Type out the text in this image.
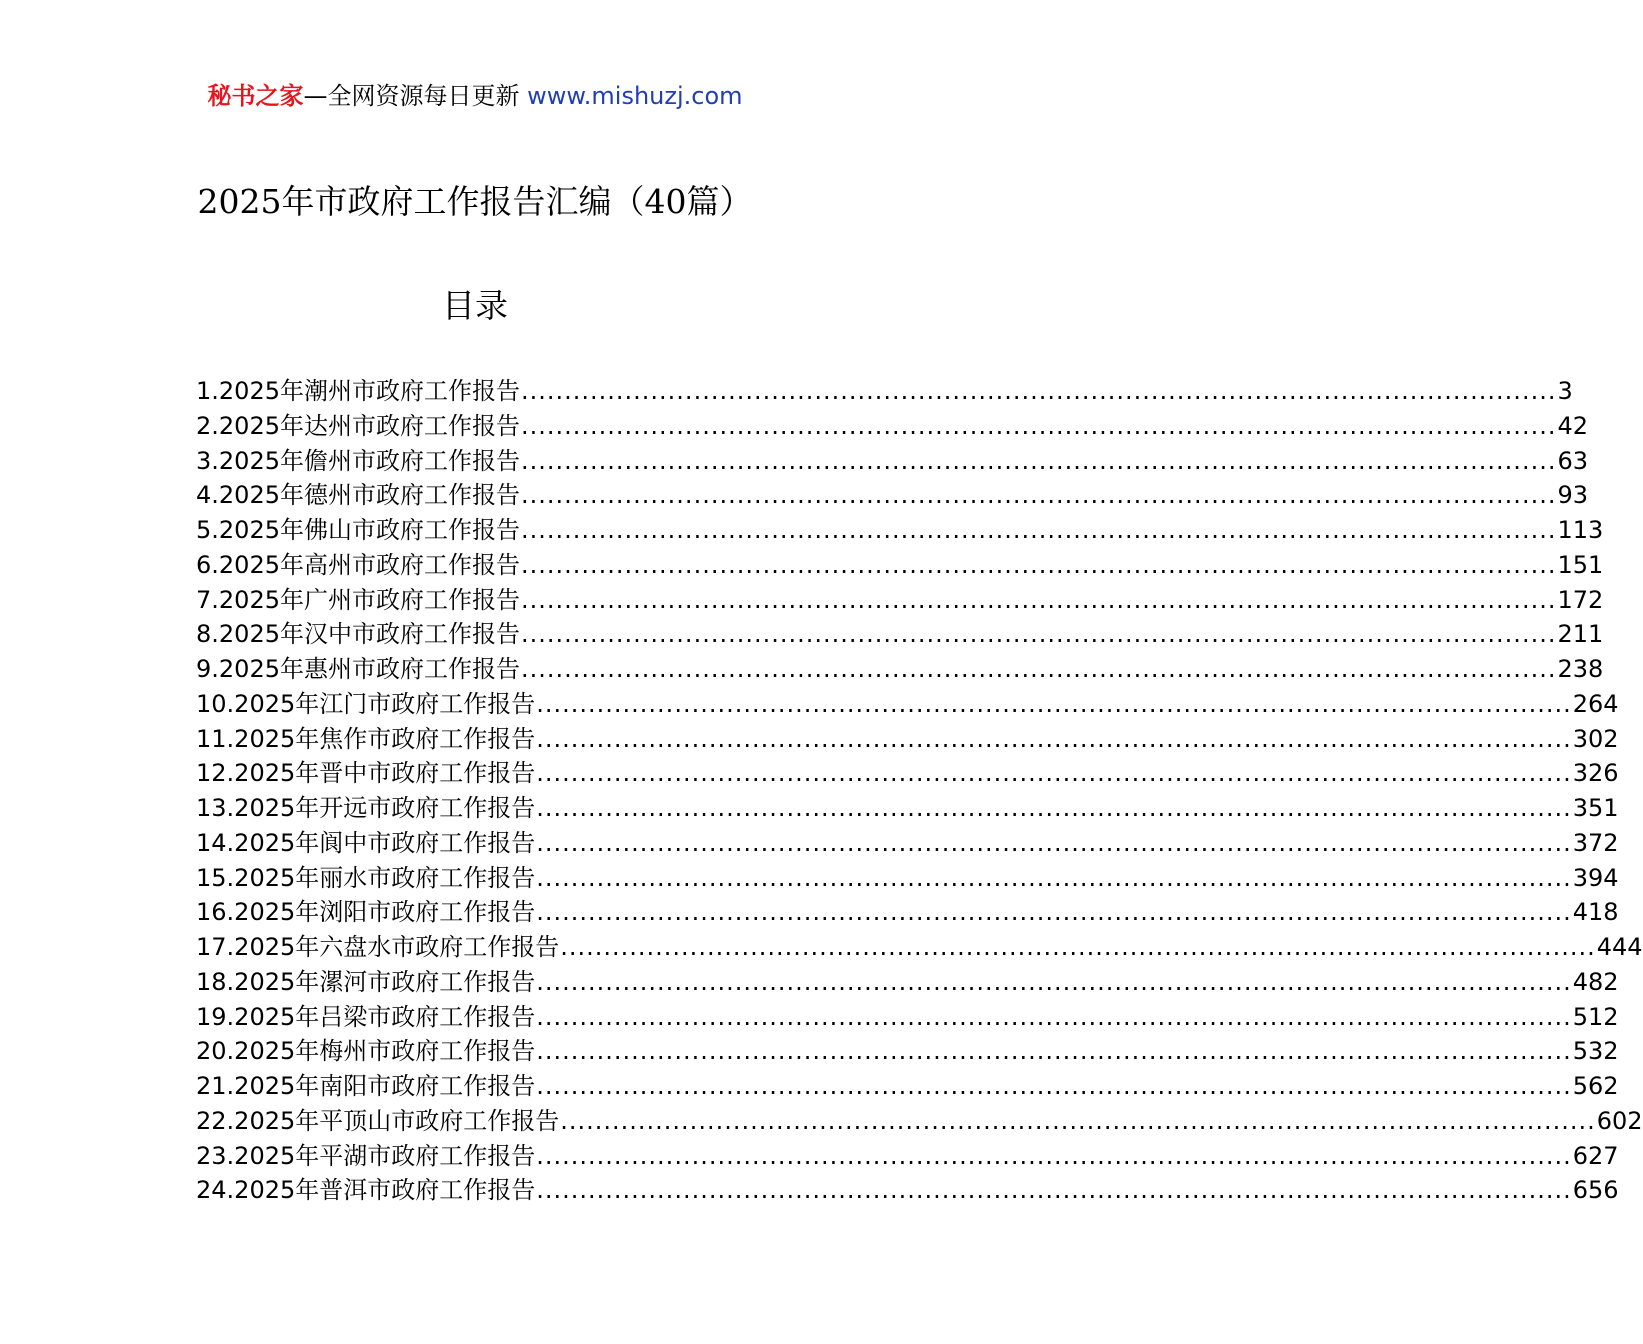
秘书之家—全网资源每日更新 www.mishuzj.com
2025年市政府工作报告汇编（40篇）
目录
1.2025年潮州市政府工作报告 ........................................................................................................................ 3
2.2025年达州市政府工作报告 ........................................................................................................................ 42
3.2025年儋州市政府工作报告 ........................................................................................................................ 63
4.2025年德州市政府工作报告 ........................................................................................................................ 93
5.2025年佛山市政府工作报告 ........................................................................................................................ 113
6.2025年高州市政府工作报告 ........................................................................................................................ 151
7.2025年广州市政府工作报告 ........................................................................................................................ 172
8.2025年汉中市政府工作报告 ........................................................................................................................ 211
9.2025年惠州市政府工作报告 ........................................................................................................................ 238
10.2025年江门市政府工作报告 ........................................................................................................................ 264
11.2025年焦作市政府工作报告 ........................................................................................................................ 302
12.2025年晋中市政府工作报告 ........................................................................................................................ 326
13.2025年开远市政府工作报告 ........................................................................................................................ 351
14.2025年阆中市政府工作报告 ........................................................................................................................ 372
15.2025年丽水市政府工作报告 ........................................................................................................................ 394
16.2025年浏阳市政府工作报告 ........................................................................................................................ 418
17.2025年六盘水市政府工作报告 ........................................................................................................................ 444
18.2025年漯河市政府工作报告 ........................................................................................................................ 482
19.2025年吕梁市政府工作报告 ........................................................................................................................ 512
20.2025年梅州市政府工作报告 ........................................................................................................................ 532
21.2025年南阳市政府工作报告 ........................................................................................................................ 562
22.2025年平顶山市政府工作报告 ........................................................................................................................ 602
23.2025年平湖市政府工作报告 ........................................................................................................................ 627
24.2025年普洱市政府工作报告 ........................................................................................................................ 656
